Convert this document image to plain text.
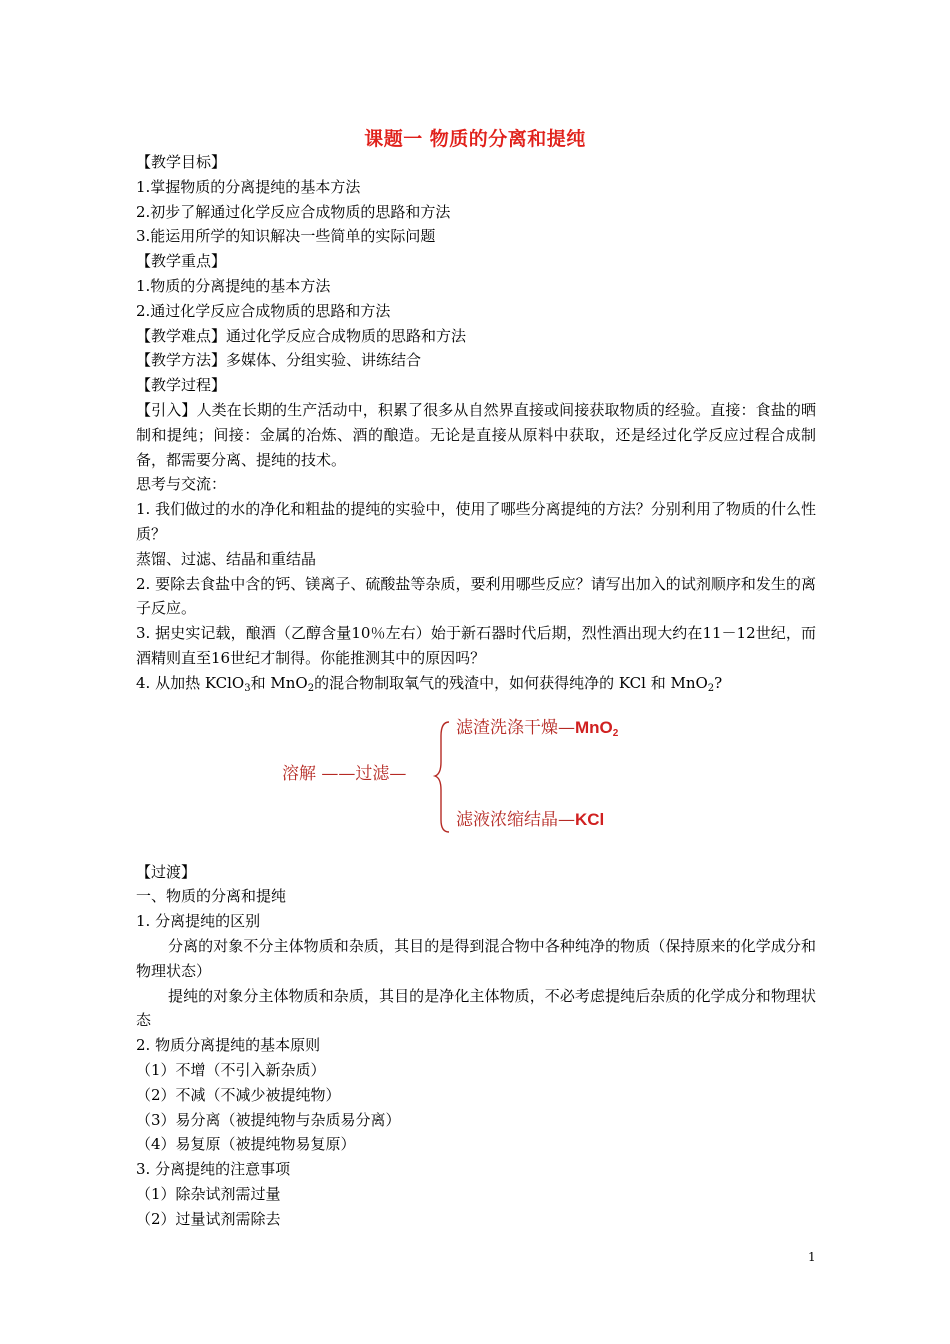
课题一 物质的分离和提纯

【教学目标】

1.掌握物质的分离提纯的基本方法

2.初步了解通过化学反应合成物质的思路和方法

3.能运用所学的知识解决一些简单的实际问题

【教学重点】

1.物质的分离提纯的基本方法

2.通过化学反应合成物质的思路和方法

【教学难点】通过化学反应合成物质的思路和方法

【教学方法】多媒体、分组实验、讲练结合

【教学过程】

【引入】人类在长期的生产活动中，积累了很多从自然界直接或间接获取物质的经验。直接：食盐的晒制和提纯；间接：金属的冶炼、酒的酿造。无论是直接从原料中获取，还是经过化学反应过程合成制备，都需要分离、提纯的技术。

思考与交流：

1. 我们做过的水的净化和粗盐的提纯的实验中，使用了哪些分离提纯的方法？分别利用了物质的什么性质？

蒸馏、过滤、结晶和重结晶

2. 要除去食盐中含的钙、镁离子、硫酸盐等杂质，要利用哪些反应？请写出加入的试剂顺序和发生的离子反应。

3. 据史实记载，酿酒（乙醇含量10％左右）始于新石器时代后期，烈性酒出现大约在11－12世纪，而酒精则直至16世纪才制得。你能推测其中的原因吗？

4. 从加热 KClO$_3$和 MnO$_2$的混合物制取氧气的残渣中，如何获得纯净的 KCl 和 MnO$_2$?

溶解 ——过滤—
滤渣洗涤干燥—MnO$_2$
滤液浓缩结晶—KCl

【过渡】

一、物质的分离和提纯

1. 分离提纯的区别

分离的对象不分主体物质和杂质，其目的是得到混合物中各种纯净的物质（保持原来的化学成分和物理状态）

提纯的对象分主体物质和杂质，其目的是净化主体物质，不必考虑提纯后杂质的化学成分和物理状态

2. 物质分离提纯的基本原则

（1）不增（不引入新杂质）

（2）不减（不减少被提纯物）

（3）易分离（被提纯物与杂质易分离）

（4）易复原（被提纯物易复原）

3. 分离提纯的注意事项

（1）除杂试剂需过量

（2）过量试剂需除去

1
